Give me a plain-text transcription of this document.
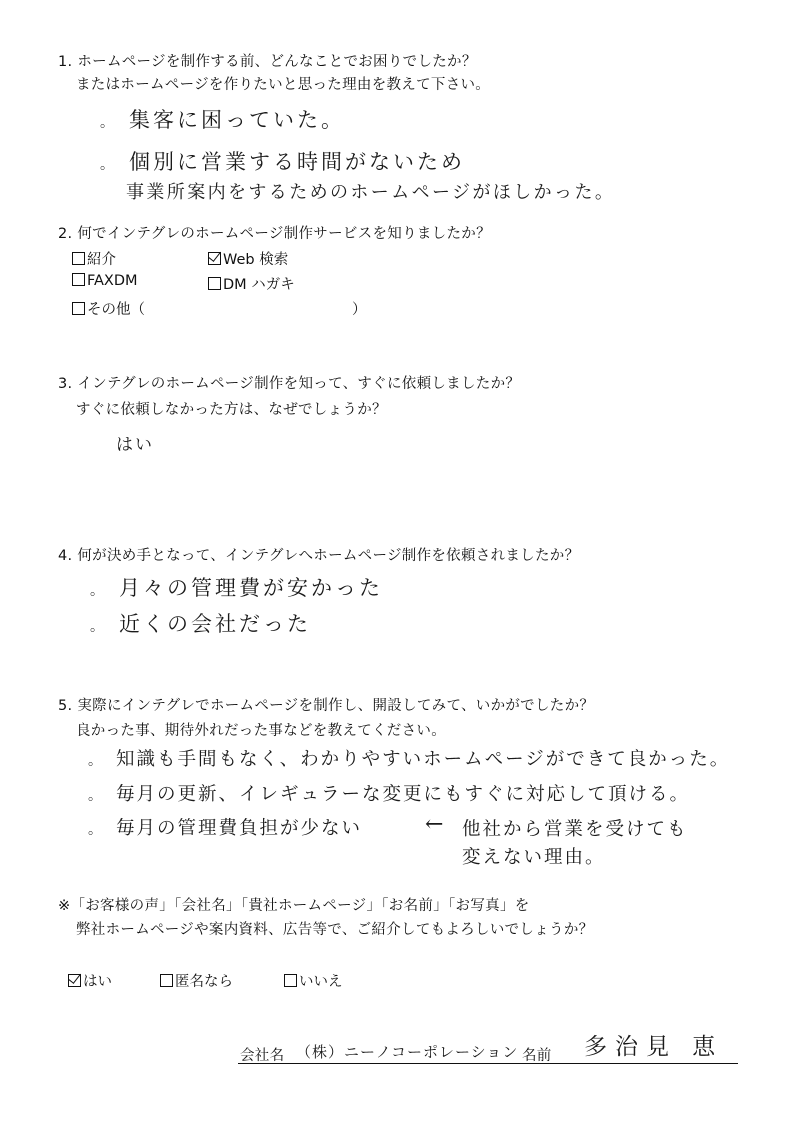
1. ホームページを制作する前、どんなことでお困りでしたか？
またはホームページを作りたいと思った理由を教えて下さい。
。 集客に困っていた。
。 個別に営業する時間がないため
事業所案内をするためのホームページがほしかった。
2. 何でインテグレのホームページ制作サービスを知りましたか？
紹介	Web 検索
FAXDM	DM ハガキ
その他（	）
3. インテグレのホームページ制作を知って、すぐに依頼しましたか？
すぐに依頼しなかった方は、なぜでしょうか？
はい
4. 何が決め手となって、インテグレへホームページ制作を依頼されましたか？
。 月々の管理費が安かった
。 近くの会社だった
5. 実際にインテグレでホームページを制作し、開設してみて、いかがでしたか？
良かった事、期待外れだった事などを教えてください。
。 知識も手間もなく、わかりやすいホームページができて良かった。
。 毎月の更新、イレギュラーな変更にもすぐに対応して頂ける。
。 毎月の管理費負担が少ない	← 他社から営業を受けても
変えない理由。
※「お客様の声」「会社名」「貴社ホームページ」「お名前」「お写真」を
弊社ホームページや案内資料、広告等で、ご紹介してもよろしいでしょうか？
はい	匿名なら	いいえ
会社名 （株）ニーノコーポレーション 名前 多治見 恵
